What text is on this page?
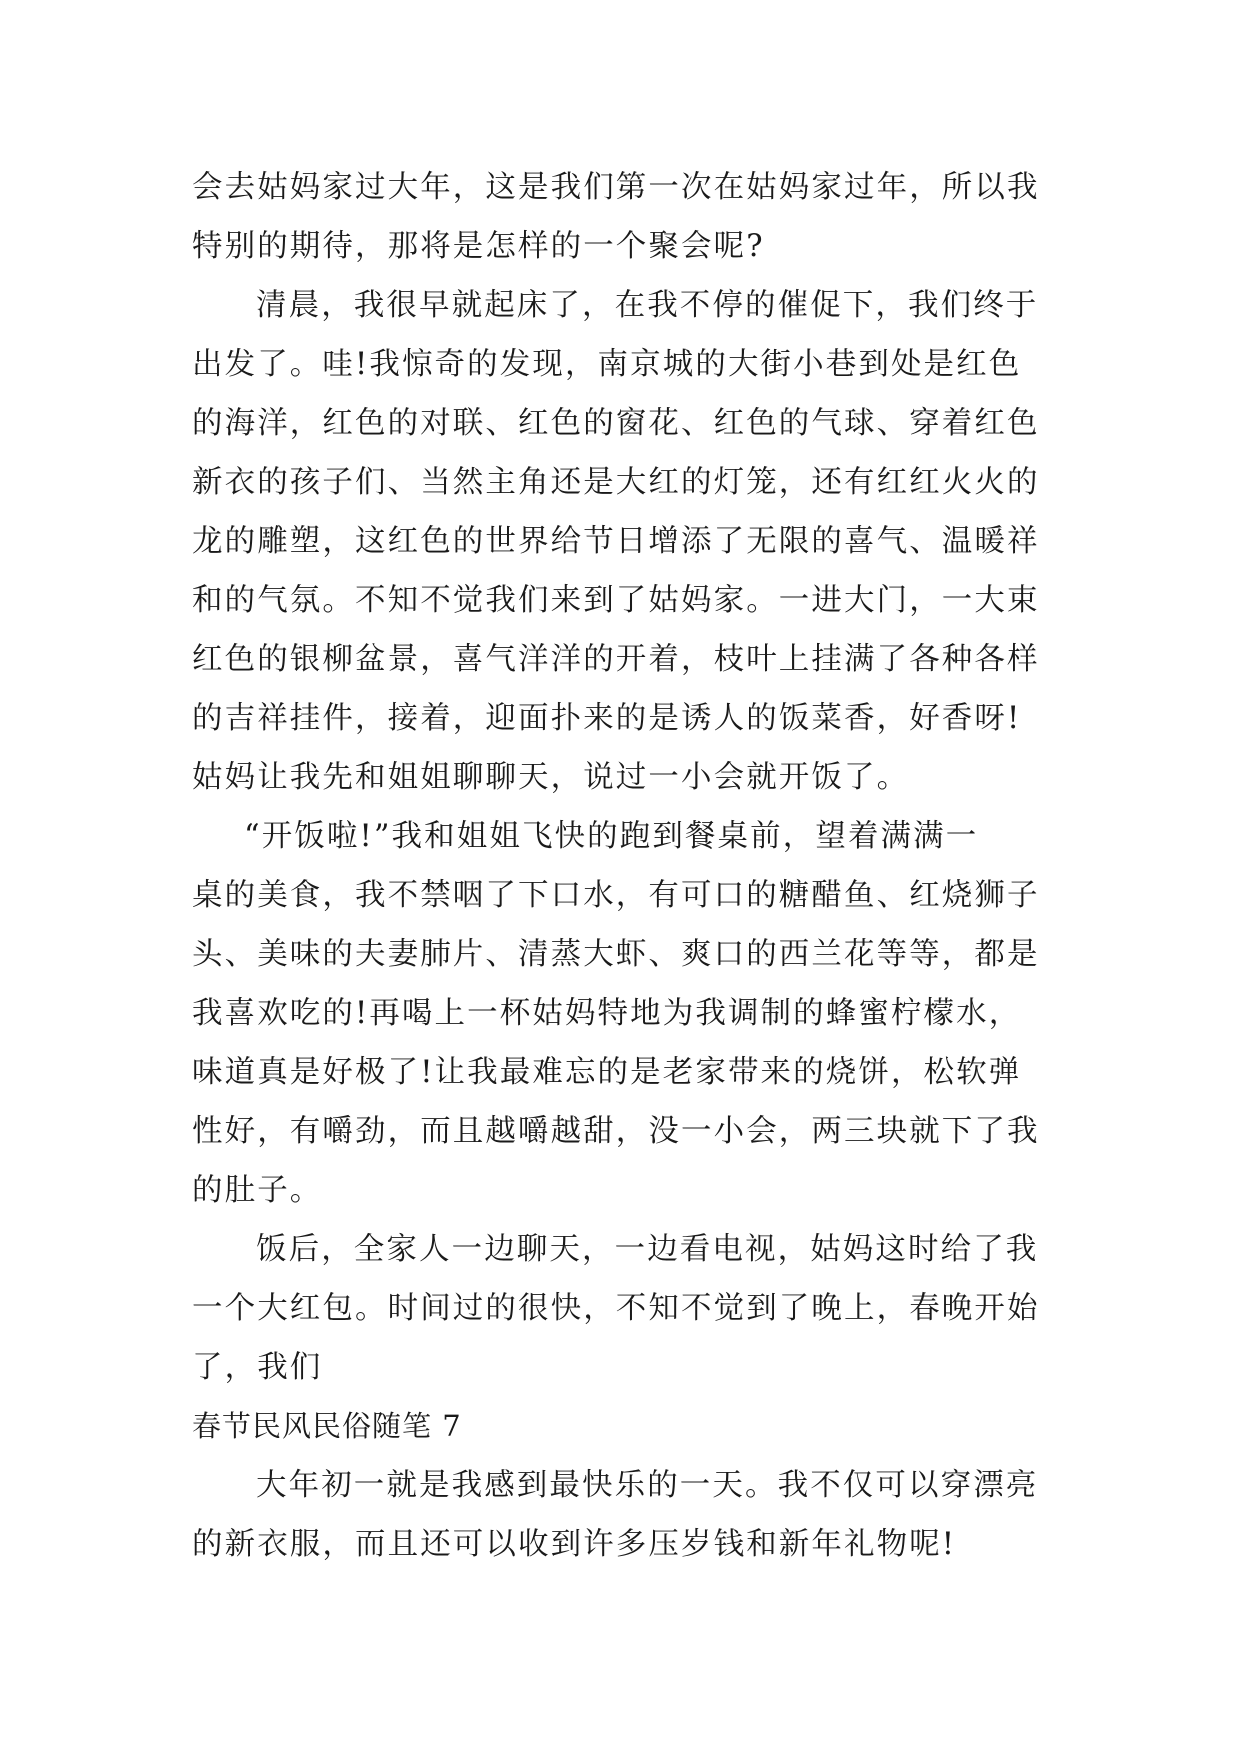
会去姑妈家过大年，这是我们第一次在姑妈家过年，所以我
特别的期待，那将是怎样的一个聚会呢?
清晨，我很早就起床了，在我不停的催促下，我们终于
出发了。哇!我惊奇的发现，南京城的大街小巷到处是红色
的海洋，红色的对联、红色的窗花、红色的气球、穿着红色
新衣的孩子们、当然主角还是大红的灯笼，还有红红火火的
龙的雕塑，这红色的世界给节日增添了无限的喜气、温暖祥
和的气氛。不知不觉我们来到了姑妈家。一进大门，一大束
红色的银柳盆景，喜气洋洋的开着，枝叶上挂满了各种各样
的吉祥挂件，接着，迎面扑来的是诱人的饭菜香，好香呀!
姑妈让我先和姐姐聊聊天，说过一小会就开饭了。
“开饭啦!”我和姐姐飞快的跑到餐桌前，望着满满一
桌的美食，我不禁咽了下口水，有可口的糖醋鱼、红烧狮子
头、美味的夫妻肺片、清蒸大虾、爽口的西兰花等等，都是
我喜欢吃的!再喝上一杯姑妈特地为我调制的蜂蜜柠檬水，
味道真是好极了!让我最难忘的是老家带来的烧饼，松软弹
性好，有嚼劲，而且越嚼越甜，没一小会，两三块就下了我
的肚子。
饭后，全家人一边聊天，一边看电视，姑妈这时给了我
一个大红包。时间过的很快，不知不觉到了晚上，春晚开始
了，我们
春节民风民俗随笔 7
大年初一就是我感到最快乐的一天。我不仅可以穿漂亮
的新衣服，而且还可以收到许多压岁钱和新年礼物呢!
